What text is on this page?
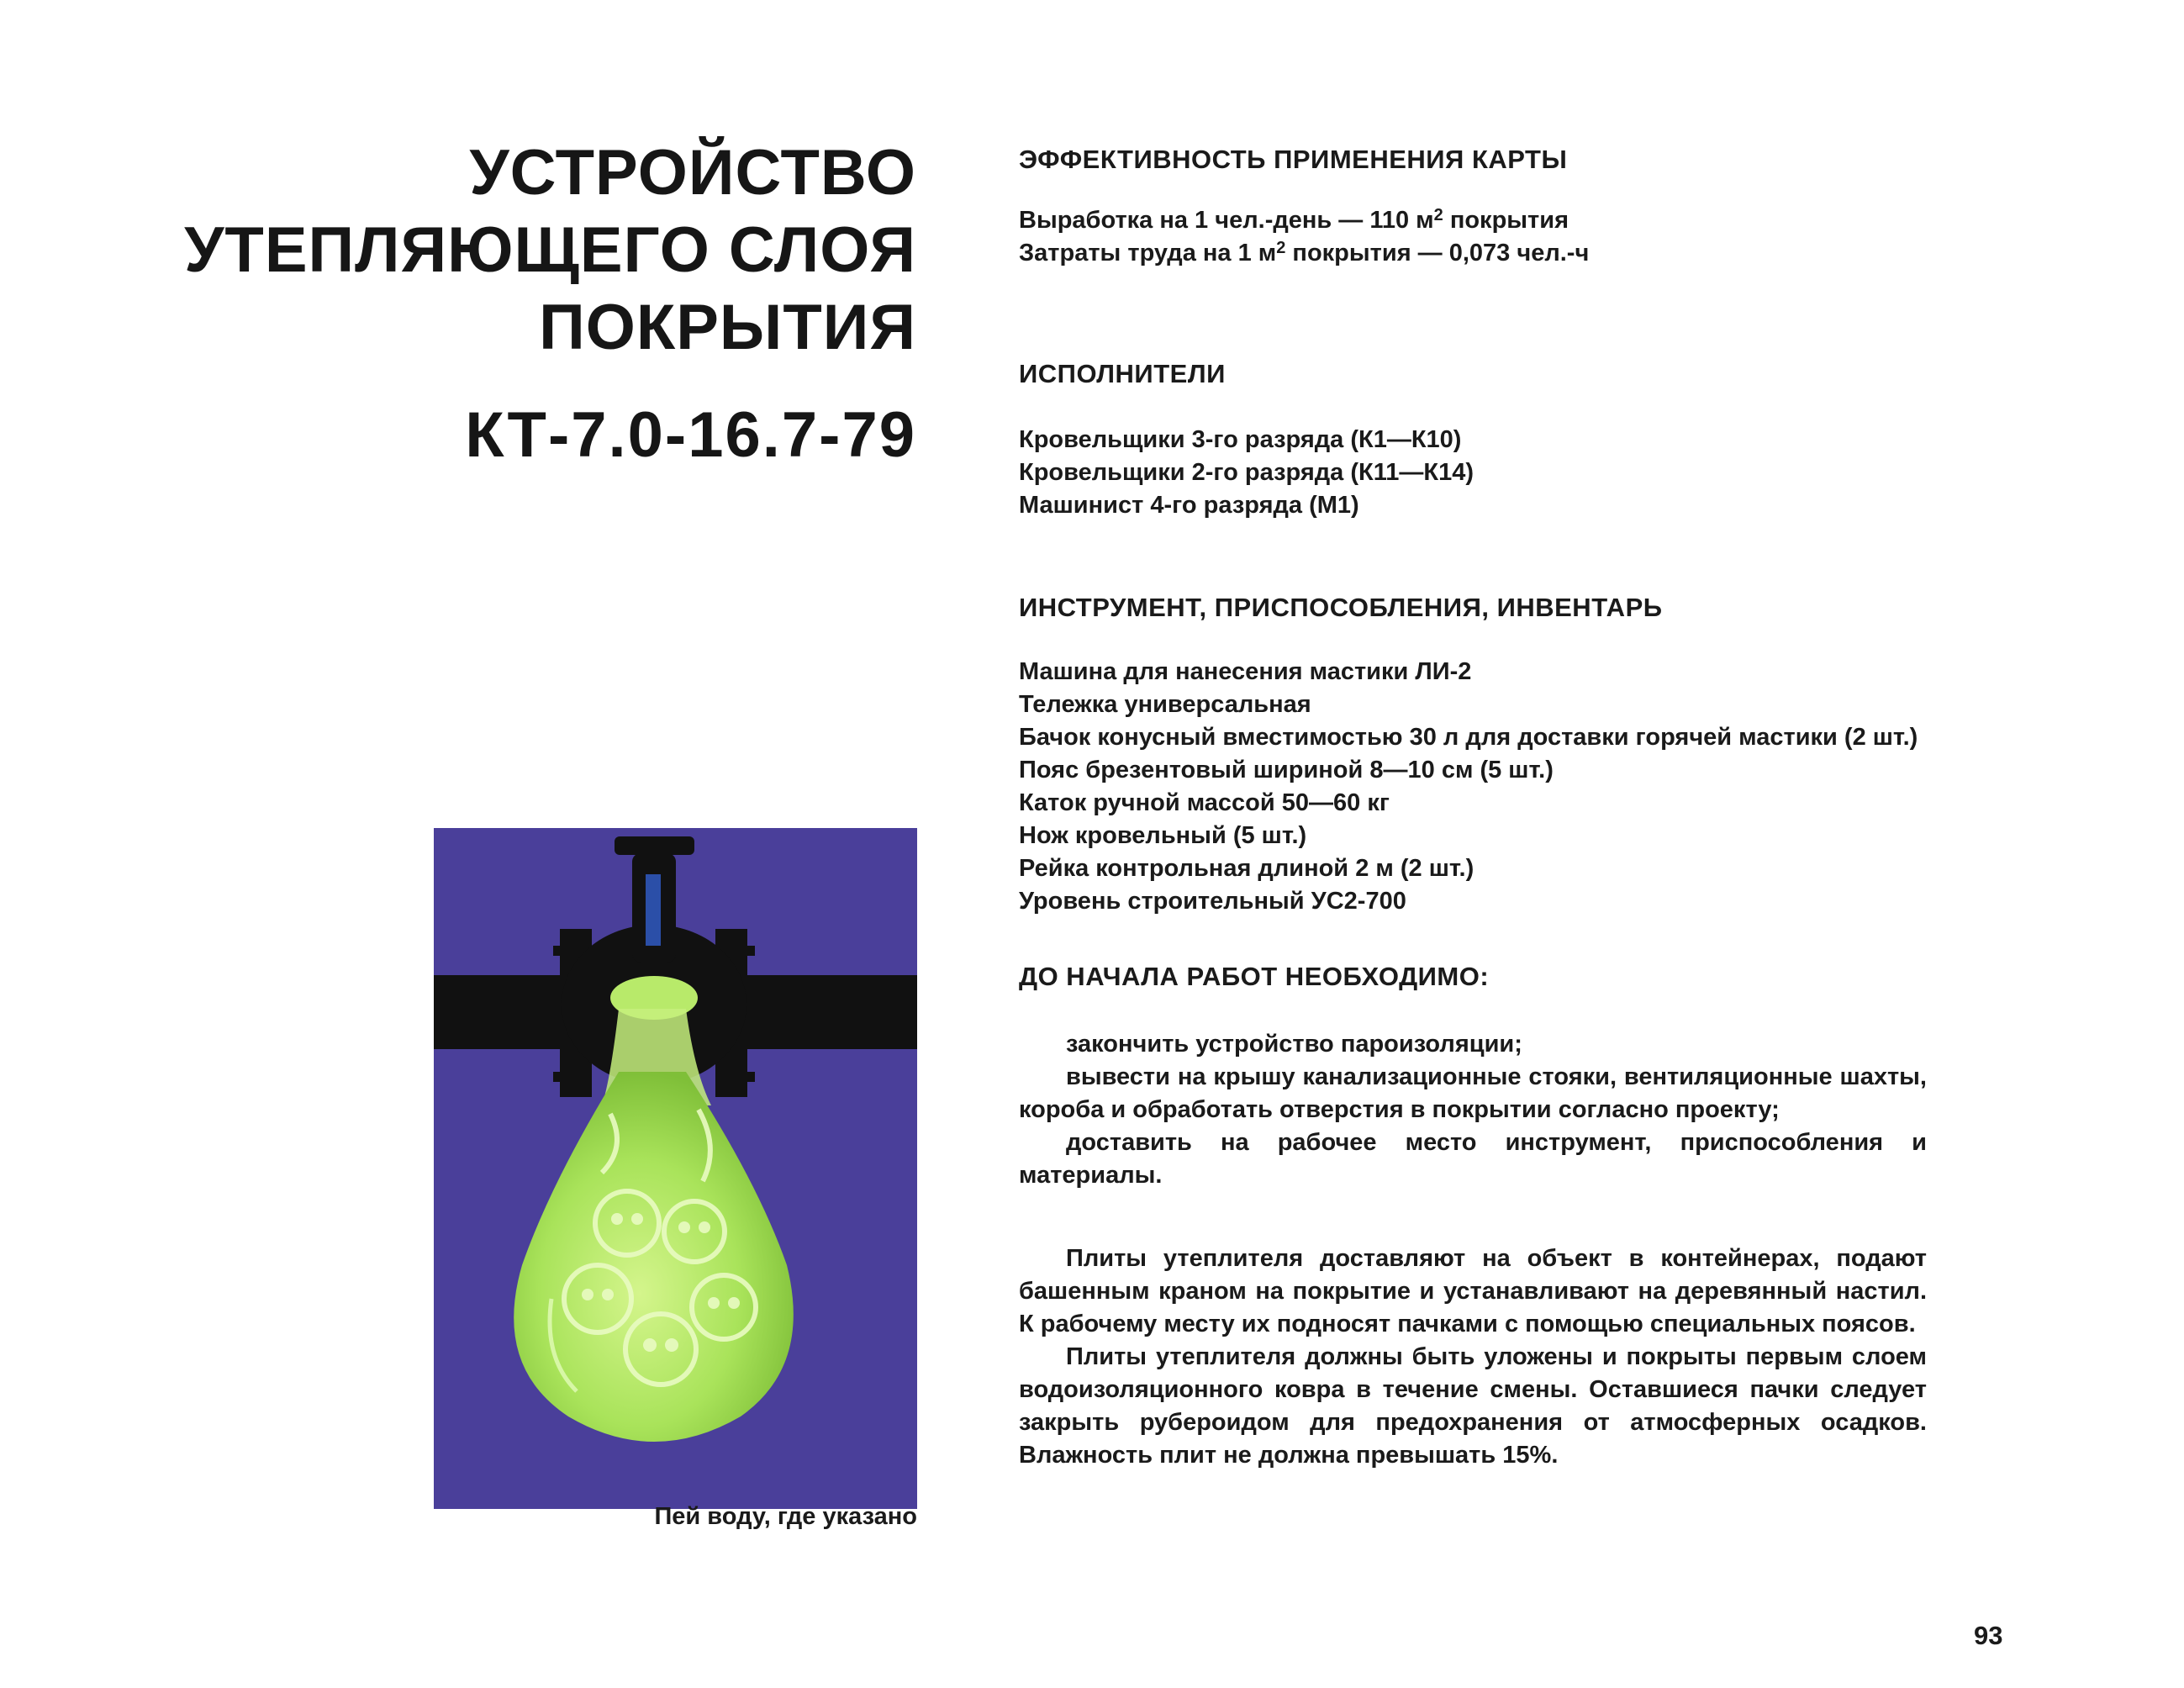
УСТРОЙСТВО
УТЕПЛЯЮЩЕГО СЛОЯ
ПОКРЫТИЯ
КТ-7.0-16.7-79
Пей воду, где указано
ЭФФЕКТИВНОСТЬ ПРИМЕНЕНИЯ КАРТЫ
Выработка на 1 чел.-день — 110 $м^2$ покрытия
Затраты труда на 1 $м^2$ покрытия — 0,073 чел.-ч
ИСПОЛНИТЕЛИ
Кровельщики 3-го разряда (К1—К10)
Кровельщики 2-го разряда (К11—К14)
Машинист 4-го разряда (М1)
ИНСТРУМЕНТ, ПРИСПОСОБЛЕНИЯ, ИНВЕНТАРЬ
Машина для нанесения мастики ЛИ-2
Тележка универсальная
Бачок конусный вместимостью 30 л для доставки горячей мастики (2 шт.)
Пояс брезентовый шириной 8—10 см (5 шт.)
Каток ручной массой 50—60 кг
Нож кровельный (5 шт.)
Рейка контрольная длиной 2 м (2 шт.)
Уровень строительный УС2-700
ДО НАЧАЛА РАБОТ НЕОБХОДИМО:
закончить устройство пароизоляции;
вывести на крышу канализационные стояки, вентиляционные шахты, короба и обработать отверстия в покрытии согласно проекту;
доставить на рабочее место инструмент, приспособления и материалы.
Плиты утеплителя доставляют на объект в контейнерах, подают башенным краном на покрытие и устанавливают на деревянный настил. К рабочему месту их подносят пачками с помощью специальных поясов.
Плиты утеплителя должны быть уложены и покрыты первым слоем водоизоляционного ковра в течение смены. Оставшиеся пачки следует закрыть рубероидом для предохранения от атмосферных осадков. Влажность плит не должна превышать 15%.
93
